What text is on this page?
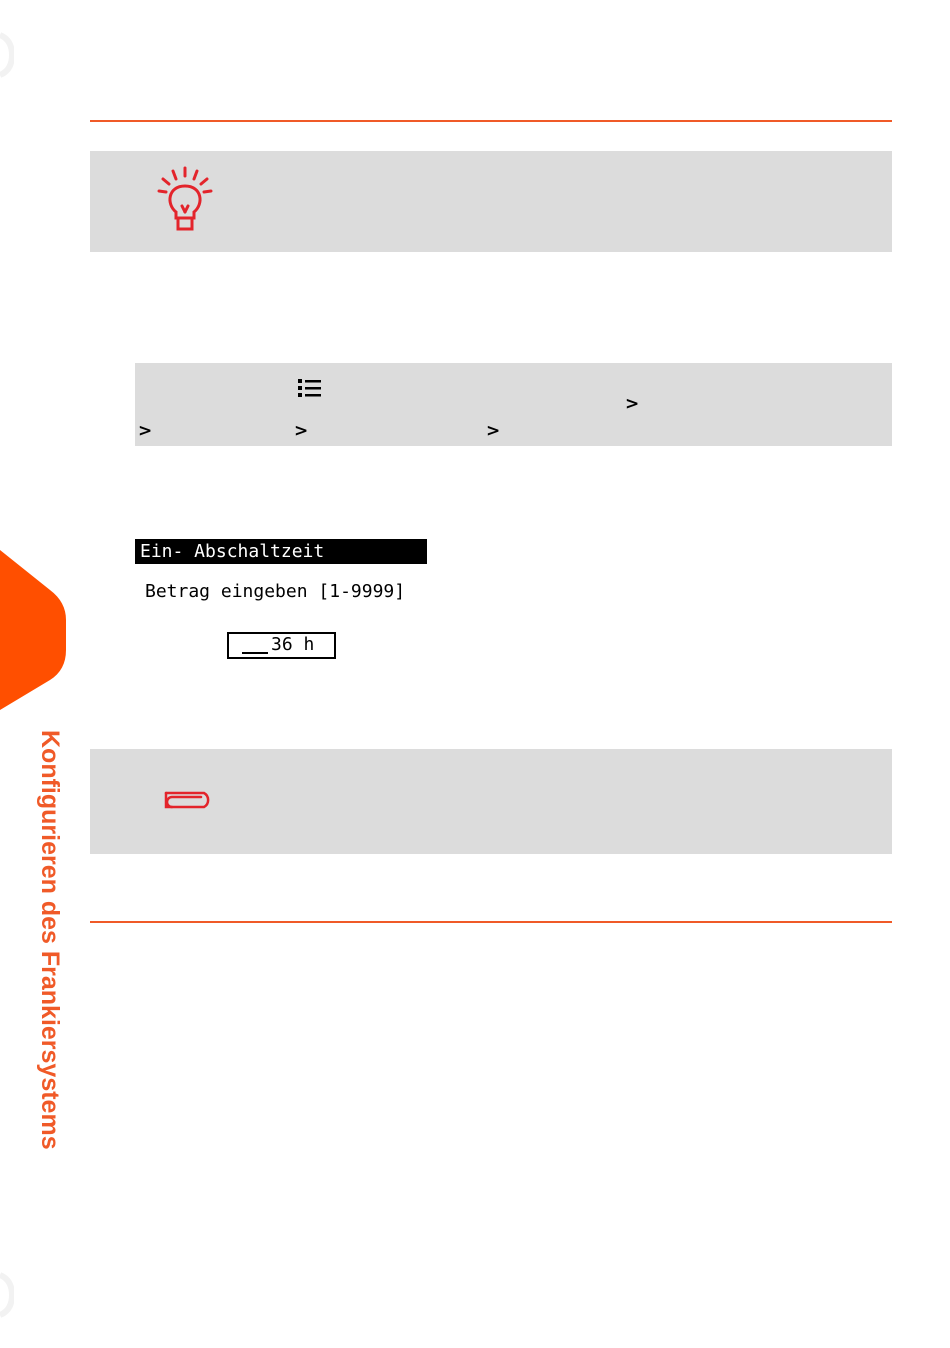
>
>	>	>
Ein- Abschaltzeit
Betrag eingeben [1-9999]
36 h
Konfigurieren des Frankiersystems
